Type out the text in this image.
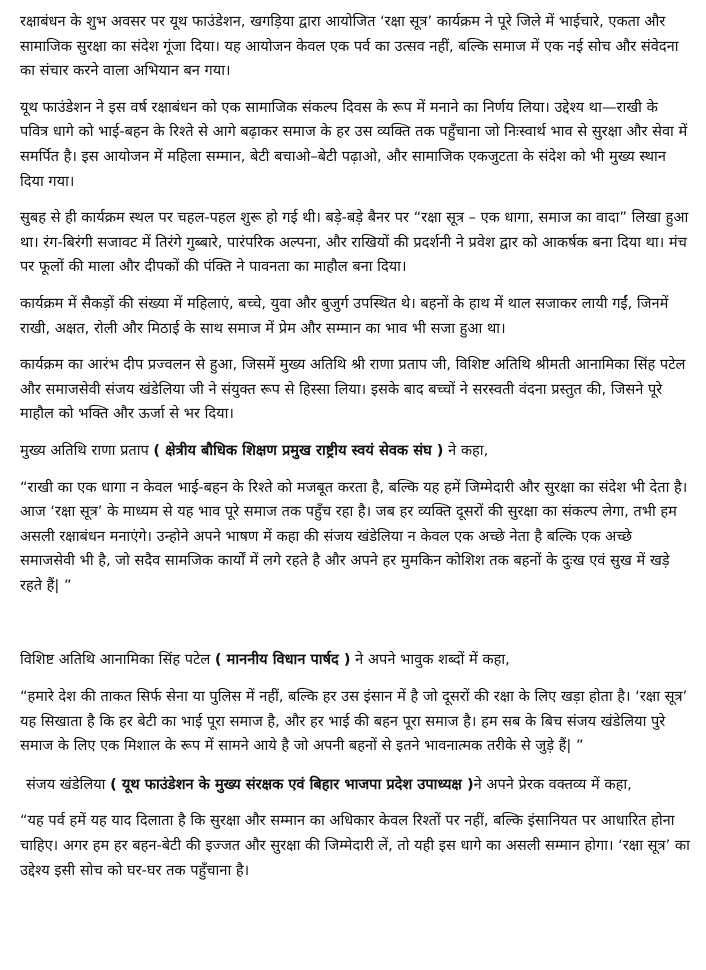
रक्षाबंधन के शुभ अवसर पर यूथ फाउंडेशन, खगड़िया द्वारा आयोजित ‘रक्षा सूत्र’ कार्यक्रम ने पूरे जिले में भाईचारे, एकता और सामाजिक सुरक्षा का संदेश गूंजा दिया। यह आयोजन केवल एक पर्व का उत्सव नहीं, बल्कि समाज में एक नई सोच और संवेदना का संचार करने वाला अभियान बन गया।

यूथ फाउंडेशन ने इस वर्ष रक्षाबंधन को एक सामाजिक संकल्प दिवस के रूप में मनाने का निर्णय लिया। उद्देश्य था—राखी के पवित्र धागे को भाई-बहन के रिश्ते से आगे बढ़ाकर समाज के हर उस व्यक्ति तक पहुँचाना जो निःस्वार्थ भाव से सुरक्षा और सेवा में समर्पित है। इस आयोजन में महिला सम्मान, बेटी बचाओ–बेटी पढ़ाओ, और सामाजिक एकजुटता के संदेश को भी मुख्य स्थान दिया गया।

सुबह से ही कार्यक्रम स्थल पर चहल-पहल शुरू हो गई थी। बड़े-बड़े बैनर पर “रक्षा सूत्र – एक धागा, समाज का वादा” लिखा हुआ था। रंग-बिरंगी सजावट में तिरंगे गुब्बारे, पारंपरिक अल्पना, और राखियों की प्रदर्शनी ने प्रवेश द्वार को आकर्षक बना दिया था। मंच पर फूलों की माला और दीपकों की पंक्ति ने पावनता का माहौल बना दिया।

कार्यक्रम में सैकड़ों की संख्या में महिलाएं, बच्चे, युवा और बुजुर्ग उपस्थित थे। बहनों के हाथ में थाल सजाकर लायी गईं, जिनमें राखी, अक्षत, रोली और मिठाई के साथ समाज में प्रेम और सम्मान का भाव भी सजा हुआ था।

कार्यक्रम का आरंभ दीप प्रज्वलन से हुआ, जिसमें मुख्य अतिथि श्री राणा प्रताप जी, विशिष्ट अतिथि श्रीमती आनामिका सिंह पटेल और समाजसेवी संजय खंडेलिया जी ने संयुक्त रूप से हिस्सा लिया। इसके बाद बच्चों ने सरस्वती वंदना प्रस्तुत की, जिसने पूरे माहौल को भक्ति और ऊर्जा से भर दिया।

मुख्य अतिथि राणा प्रताप ( क्षेत्रीय बौधिक शिक्षण प्रमुख राष्ट्रीय स्वयं सेवक संघ ) ने कहा,

“राखी का एक धागा न केवल भाई-बहन के रिश्ते को मजबूत करता है, बल्कि यह हमें जिम्मेदारी और सुरक्षा का संदेश भी देता है। आज ‘रक्षा सूत्र’ के माध्यम से यह भाव पूरे समाज तक पहुँच रहा है। जब हर व्यक्ति दूसरों की सुरक्षा का संकल्प लेगा, तभी हम असली रक्षाबंधन मनाएंगे। उन्होने अपने भाषण में कहा की संजय खंडेलिया न केवल एक अच्छे नेता है बल्कि एक अच्छे समाजसेवी भी है, जो सदैव सामजिक कार्यों में लगे रहते है और अपने हर मुमकिन कोशिश तक बहनों के दुःख एवं सुख में खड़े रहते हैं| ”

विशिष्ट अतिथि आनामिका सिंह पटेल ( माननीय विधान पार्षद ) ने अपने भावुक शब्दों में कहा,

“हमारे देश की ताकत सिर्फ सेना या पुलिस में नहीं, बल्कि हर उस इंसान में है जो दूसरों की रक्षा के लिए खड़ा होता है। ‘रक्षा सूत्र’ यह सिखाता है कि हर बेटी का भाई पूरा समाज है, और हर भाई की बहन पूरा समाज है। हम सब के बिच संजय खंडेलिया पुरे समाज के लिए एक मिशाल के रूप में सामने आये है जो अपनी बहनों से इतने भावनात्मक तरीके से जुड़े हैं| ”

संजय खंडेलिया ( यूथ फाउंडेशन के मुख्य संरक्षक एवं बिहार भाजपा प्रदेश उपाध्यक्ष )ने अपने प्रेरक वक्तव्य में कहा,

“यह पर्व हमें यह याद दिलाता है कि सुरक्षा और सम्मान का अधिकार केवल रिश्तों पर नहीं, बल्कि इंसानियत पर आधारित होना चाहिए। अगर हम हर बहन-बेटी की इज्जत और सुरक्षा की जिम्मेदारी लें, तो यही इस धागे का असली सम्मान होगा। ‘रक्षा सूत्र’ का उद्देश्य इसी सोच को घर-घर तक पहुँचाना है।
